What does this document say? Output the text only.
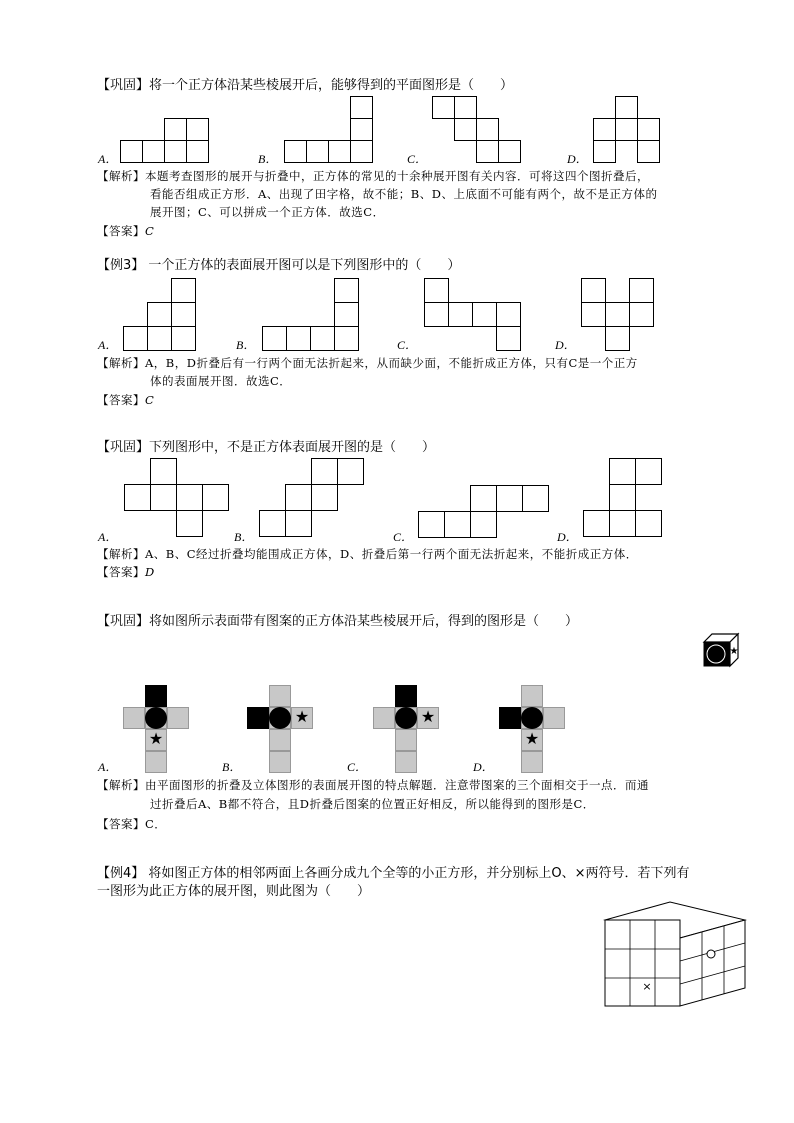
【巩固】将一个正方体沿某些棱展开后，能够得到的平面图形是（　　）
A．	B．	C．	D．
【解析】本题考查图形的展开与折叠中，正方体的常见的十余种展开图有关内容．可将这四个图折叠后，
看能否组成正方形．A、出现了田字格，故不能；B、D、上底面不可能有两个，故不是正方体的
展开图；C、可以拼成一个正方体．故选C．
【答案】C
【例3】 一个正方体的表面展开图可以是下列图形中的（　　）
A．	B．	C．	D．
【解析】A，B，D折叠后有一行两个面无法折起来，从而缺少面，不能折成正方体，只有C是一个正方
体的表面展开图．故选C．
【答案】C
【巩固】下列图形中，不是正方体表面展开图的是（　　）
A．	B．	C．	D．
【解析】A、B、C经过折叠均能围成正方体，D、折叠后第一行两个面无法折起来，不能折成正方体．
【答案】D
【巩固】将如图所示表面带有图案的正方体沿某些棱展开后，得到的图形是（　　）
★
★
★	★
★
A．	B．	C．	D．
【解析】由平面图形的折叠及立体图形的表面展开图的特点解题．注意带图案的三个面相交于一点．而通
过折叠后A、B都不符合，且D折叠后图案的位置正好相反，所以能得到的图形是C．
【答案】C．
【例4】 将如图正方体的相邻两面上各画分成九个全等的小正方形，并分别标上O、×两符号．若下列有
一图形为此正方体的展开图，则此图为（　　）
×
